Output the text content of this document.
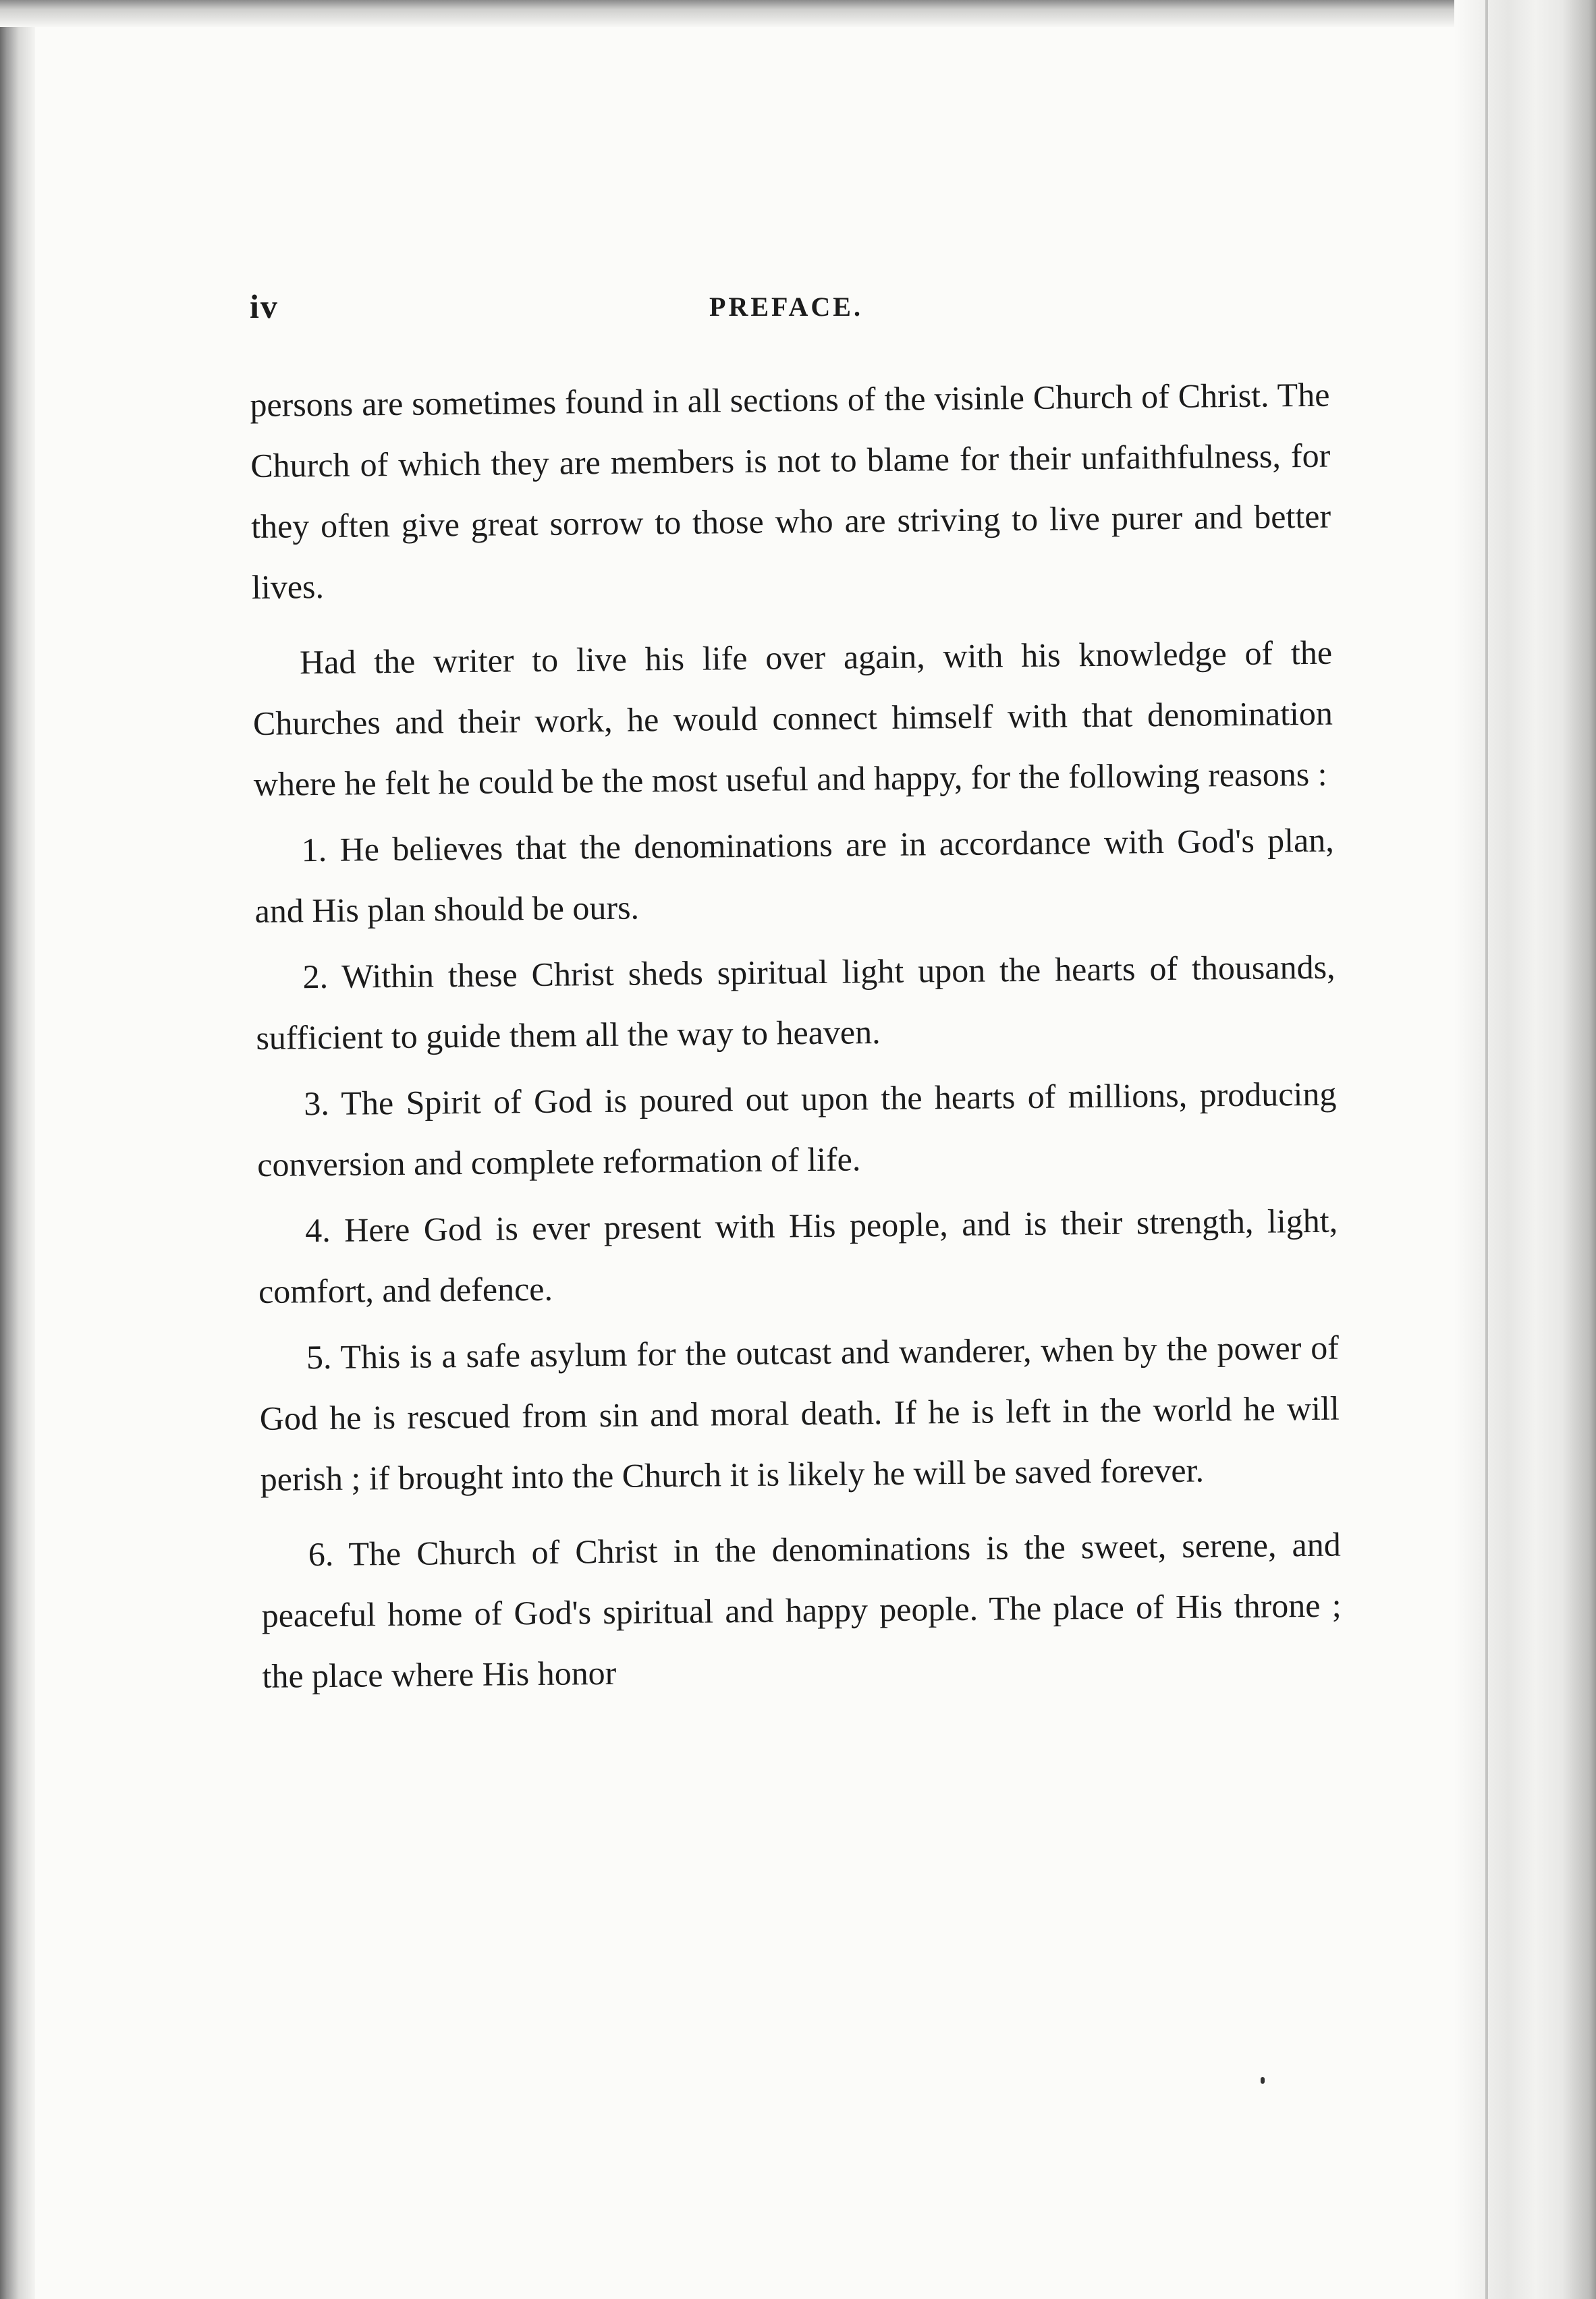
iv	PREFACE.

persons are sometimes found in all sections of the visinle Church of Christ. The Church of which they are members is not to blame for their unfaithfulness, for they often give great sorrow to those who are striving to live purer and better lives.

Had the writer to live his life over again, with his knowledge of the Churches and their work, he would connect himself with that denomination where he felt he could be the most useful and happy, for the following reasons :

1. He believes that the denominations are in accordance with God's plan, and His plan should be ours.

2. Within these Christ sheds spiritual light upon the hearts of thousands, sufficient to guide them all the way to heaven.

3. The Spirit of God is poured out upon the hearts of millions, producing conversion and complete reformation of life.

4. Here God is ever present with His people, and is their strength, light, comfort, and defence.

5. This is a safe asylum for the outcast and wanderer, when by the power of God he is rescued from sin and moral death. If he is left in the world he will perish ; if brought into the Church it is likely he will be saved forever.

6. The Church of Christ in the denominations is the sweet, serene, and peaceful home of God's spiritual and happy people. The place of His throne ; the place where His honor
